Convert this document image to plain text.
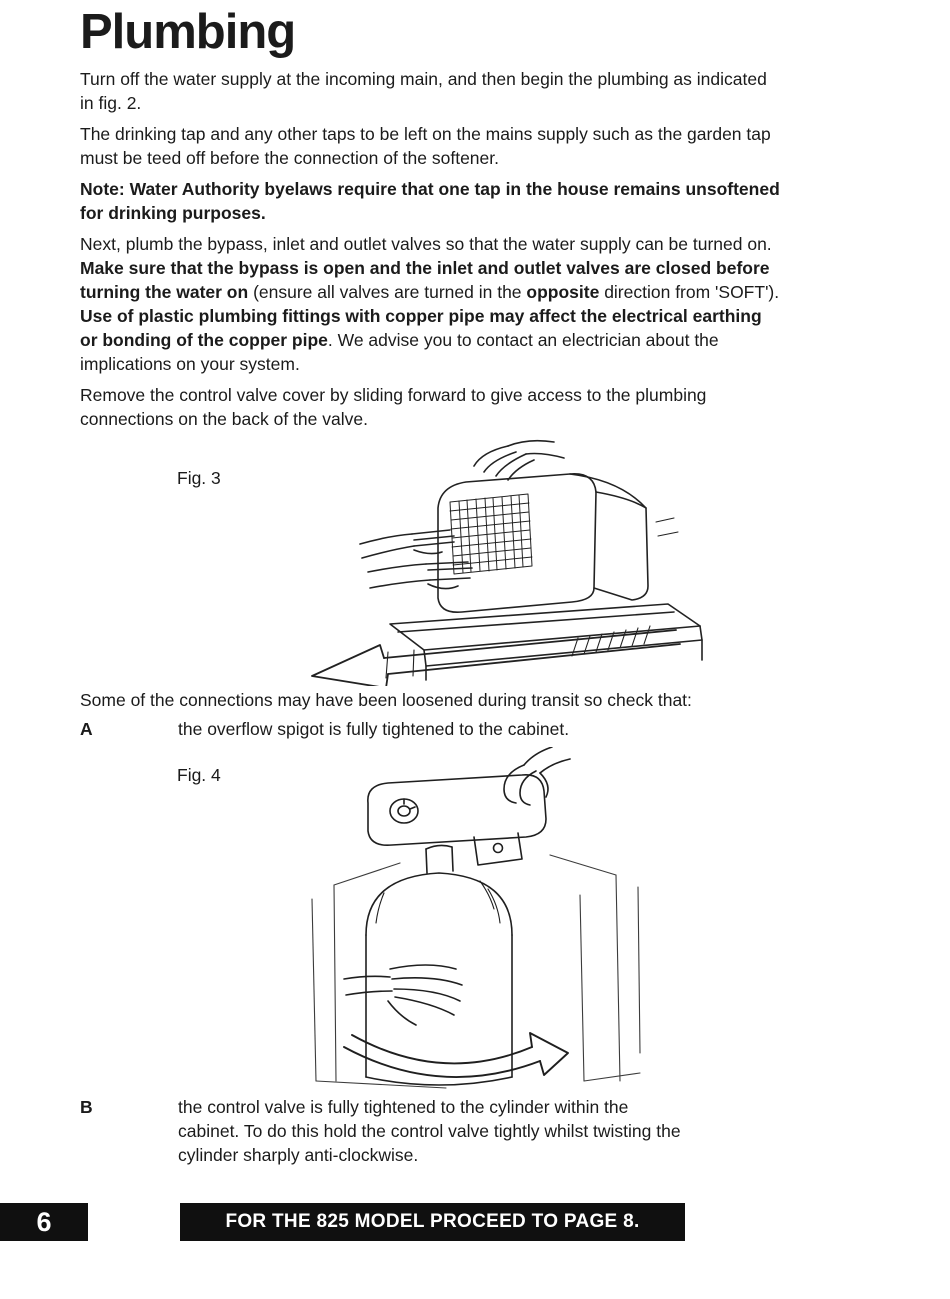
Plumbing

Turn off the water supply at the incoming main, and then begin the plumbing as indicated in fig. 2.

The drinking tap and any other taps to be left on the mains supply such as the garden tap must be teed off before the connection of the softener.

Note: Water Authority byelaws require that one tap in the house remains unsoftened for drinking purposes.

Next, plumb the bypass, inlet and outlet valves so that the water supply can be turned on. Make sure that the bypass is open and the inlet and outlet valves are closed before turning the water on (ensure all valves are turned in the opposite direction from 'SOFT'). Use of plastic plumbing fittings with copper pipe may affect the electrical earthing or bonding of the copper pipe. We advise you to contact an electrician about the implications on your system.

Remove the control valve cover by sliding forward to give access to the plumbing connections on the back of the valve.

Fig. 3

Some of the connections may have been loosened during transit so check that:

A	the overflow spigot is fully tightened to the cabinet.
Fig. 4
B	the control valve is fully tightened to the cylinder within the cabinet. To do this hold the control valve tightly whilst twisting the cylinder sharply anti-clockwise.
6	FOR THE 825 MODEL PROCEED TO PAGE 8.
